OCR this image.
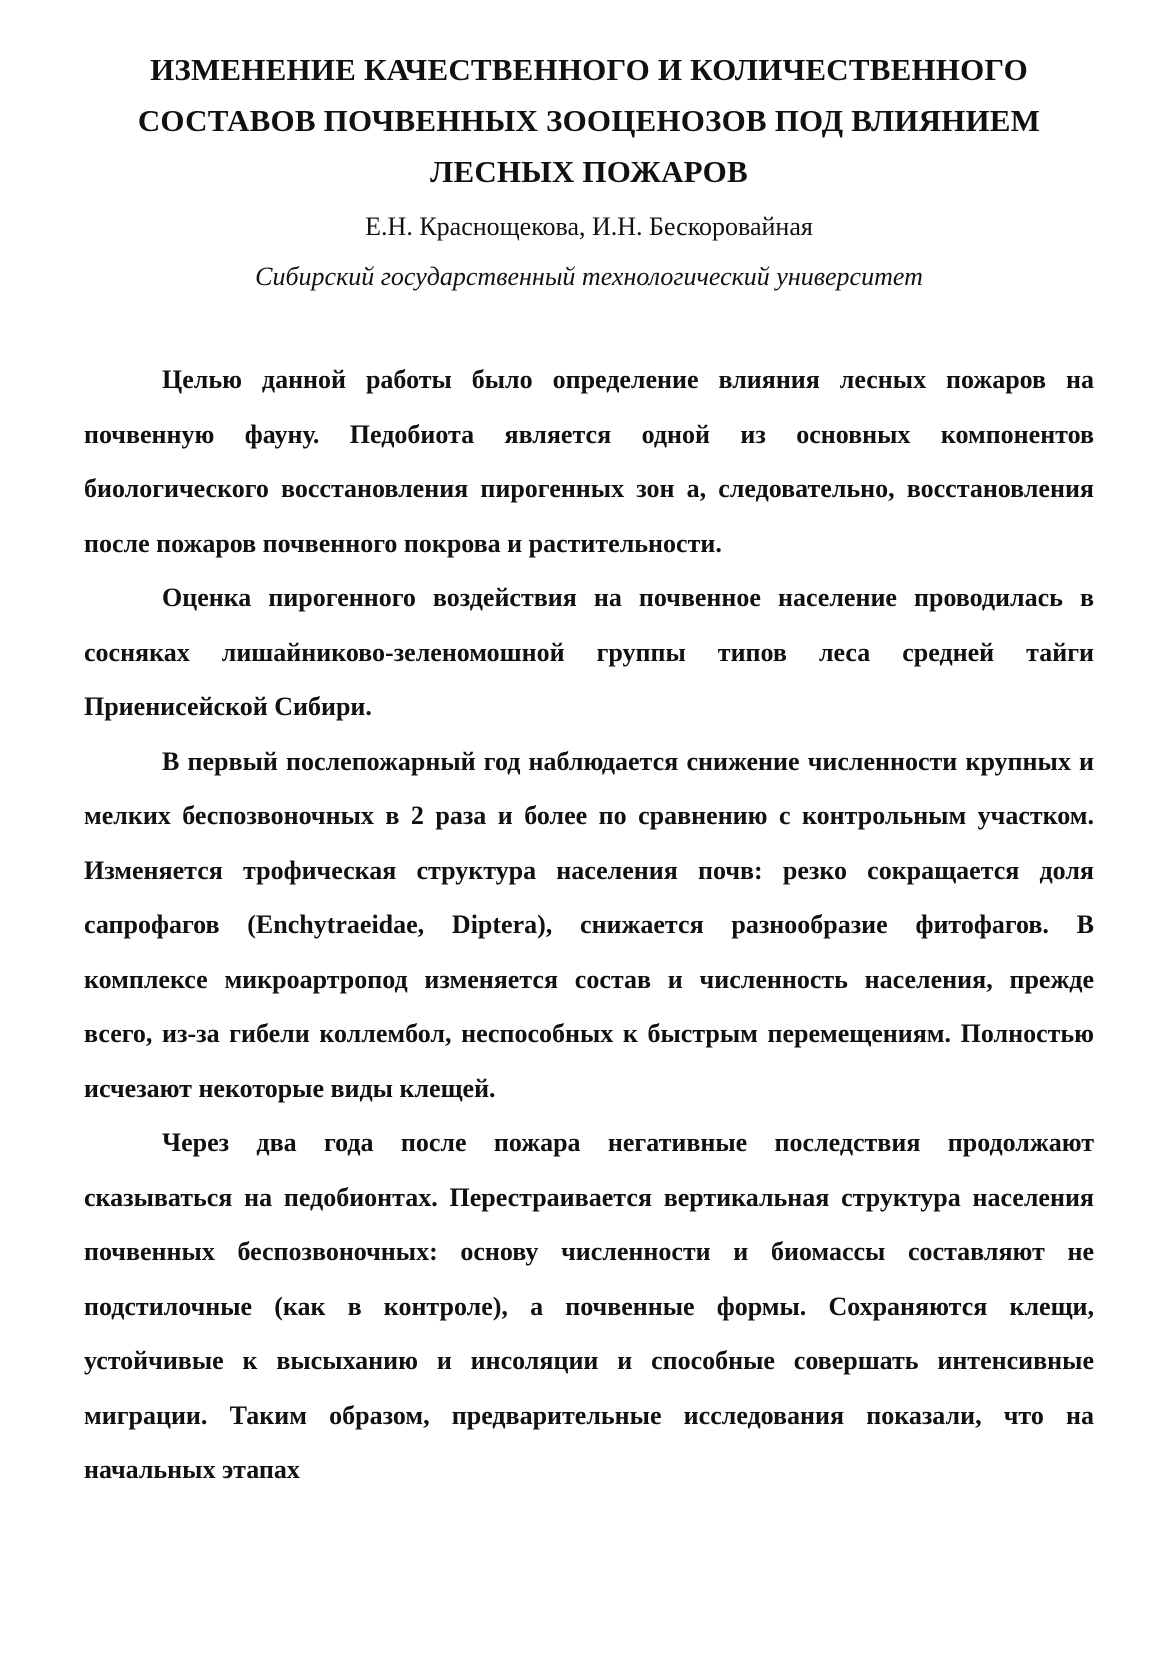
ИЗМЕНЕНИЕ КАЧЕСТВЕННОГО И КОЛИЧЕСТВЕННОГО
СОСТАВОВ ПОЧВЕННЫХ ЗООЦЕНОЗОВ ПОД ВЛИЯНИЕМ
ЛЕСНЫХ ПОЖАРОВ
Е.Н. Краснощекова, И.Н. Бескоровайная
Сибирский государственный технологический университет

Целью данной работы было определение влияния лесных пожаров на почвенную фауну. Педобиота является одной из основных компонентов биологического восстановления пирогенных зон а, следовательно, восстановления после пожаров почвенного покрова и растительности.

Оценка пирогенного воздействия на почвенное население проводилась в сосняках лишайниково-зеленомошной группы типов леса средней тайги Приенисейской Сибири.

В первый послепожарный год наблюдается снижение численности крупных и мелких беспозвоночных в 2 раза и более по сравнению с контрольным участком. Изменяется трофическая структура населения почв: резко сокращается доля сапрофагов (Enchytraeidae, Diptera), снижается разнообразие фитофагов. В комплексе микроартропод изменяется состав и численность населения, прежде всего, из-за гибели коллембол, неспособных к быстрым перемещениям. Полностью исчезают некоторые виды клещей.

Через два года после пожара негативные последствия продолжают сказываться на педобионтах. Перестраивается вертикальная структура населения почвенных беспозвоночных: основу численности и биомассы составляют не подстилочные (как в контроле), а почвенные формы. Сохраняются клещи, устойчивые к высыханию и инсоляции и способные совершать интенсивные миграции. Таким образом, предварительные исследования показали, что на начальных этапах
